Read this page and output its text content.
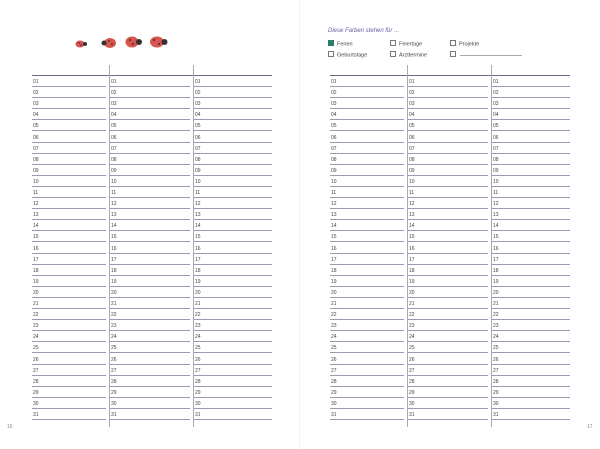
01	01	01
02	02	02
03	03	03
04	04	04
05	05	05
06	06	06
07	07	07
08	08	08
09	09	09
10	10	10
11	11	11
12	12	12
13	13	13
14	14	14
15	15	15
16	16	16
17	17	17
18	18	18
19	19	19
20	20	20
21	21	21
22	22	22
23	23	23
24	24	24
25	25	25
26	26	26
27	27	27
28	28	28
29	29	29
30	30	30
31	31	31
16
Diese Farben stehen für ...
Ferien	Feiertage	Projekte
Geburtstage	Arzttermine
01	01	01
02	02	02
03	03	03
04	04	04
05	05	05
06	06	06
07	07	07
08	08	08
09	09	09
10	10	10
11	11	11
12	12	12
13	13	13
14	14	14
15	15	15
16	16	16
17	17	17
18	18	18
19	19	19
20	20	20
21	21	21
22	22	22
23	23	23
24	24	24
25	25	25
26	26	26
27	27	27
28	28	28
29	29	29
30	30	30
31	31	31
17
